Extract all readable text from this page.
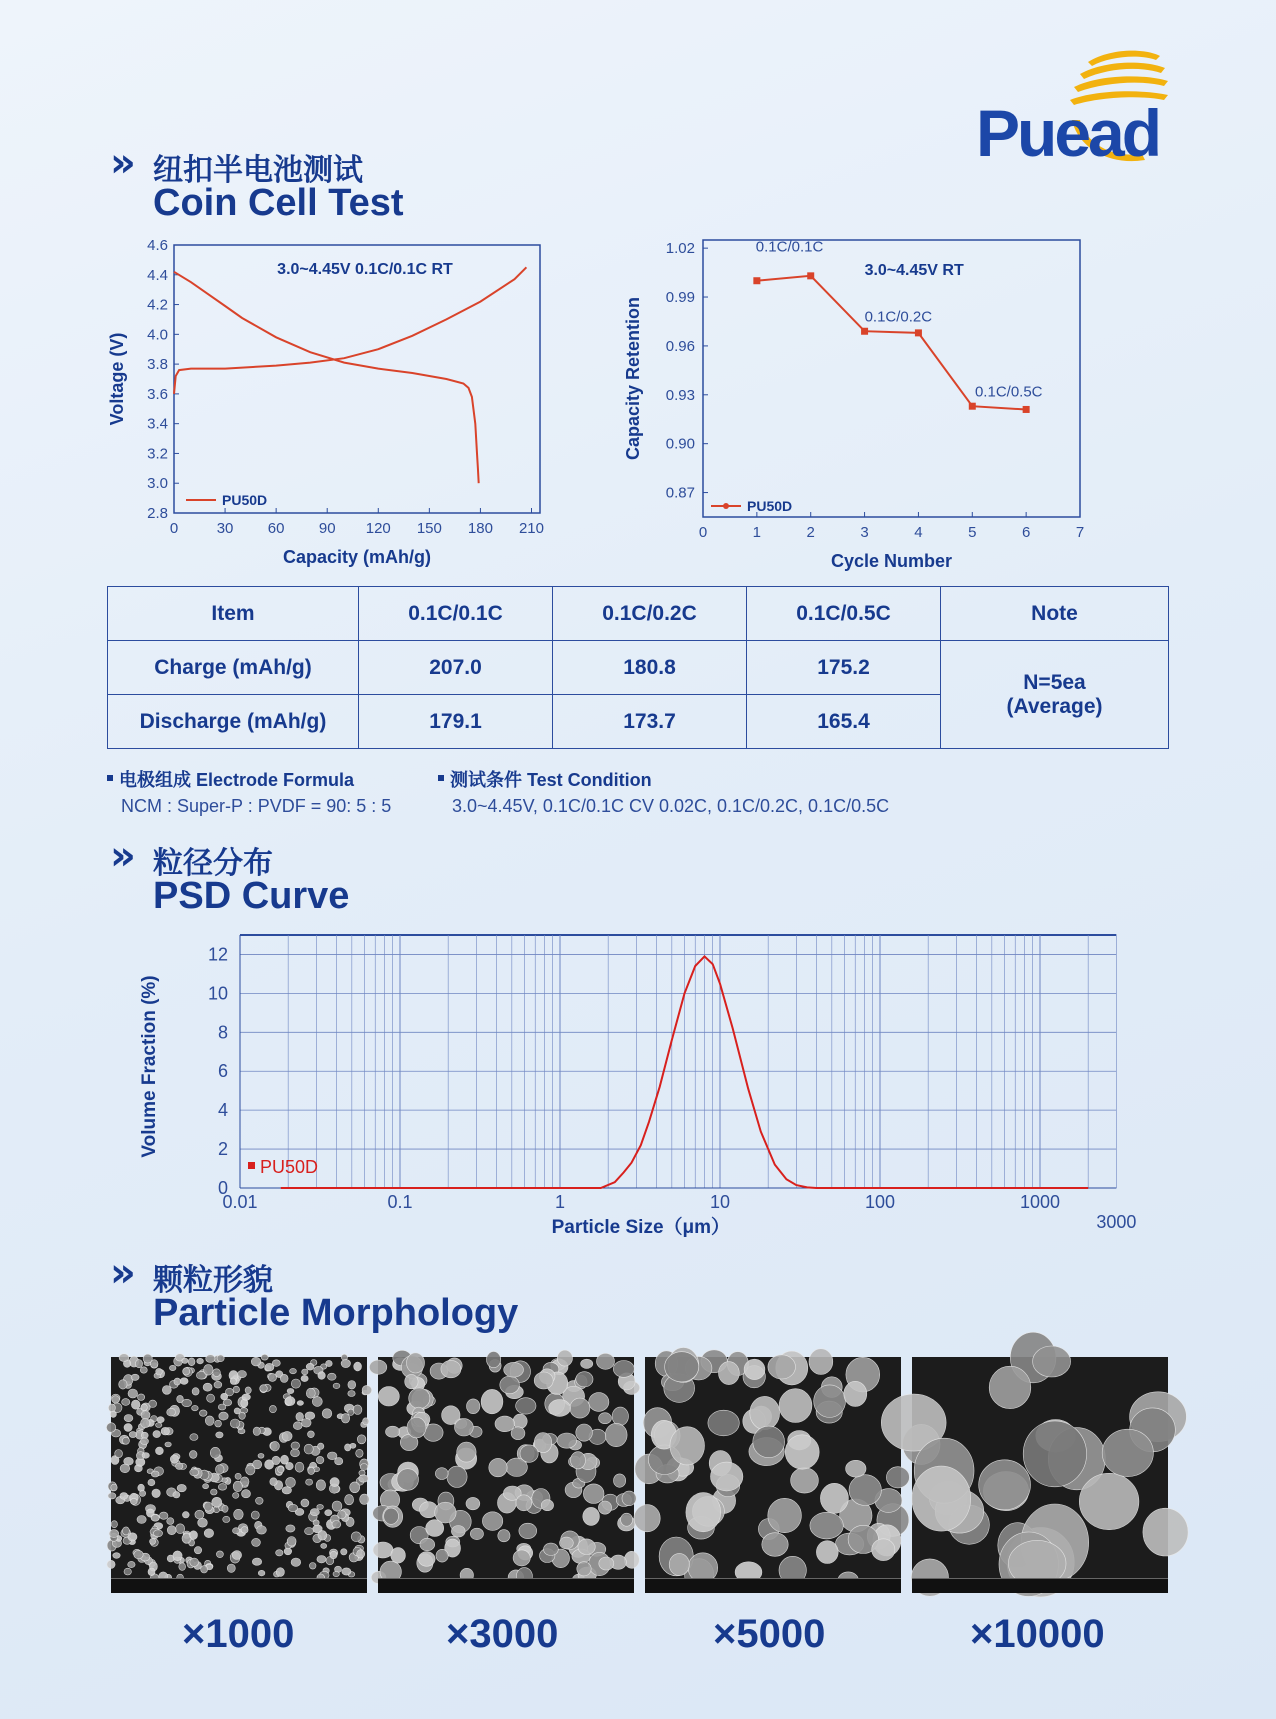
Puead
» 纽扣半电池测试
Coin Cell Test
0	30 60 90 120 150 180 210
2.8
3.0
3.2
3.4
3.6
3.8
4.0
4.2
4.4
4.6
Capacity (mAh/g)
Voltage (V)
3.0~4.45V 0.1C/0.1C RT
PU50D
0	1	2	3	4	5	6	7
0.87
0.90
0.93
0.96
0.99
1.02
Cycle Number
Capacity Retention
3.0~4.45V RT
0.1C/0.1C
0.1C/0.2C
0.1C/0.5C
PU50D
Item	0.1C/0.1C	0.1C/0.2C	0.1C/0.5C	Note
Charge (mAh/g)	207.0	180.8	175.2	N=5ea
(Average)

Discharge (mAh/g)	179.1	173.7	165.4	
电极组成 Electrode Formula
NCM : Super-P : PVDF = 90: 5 : 5
测试条件 Test Condition
3.0~4.45V, 0.1C/0.1C CV 0.02C, 0.1C/0.2C, 0.1C/0.5C
» 粒径分布
PSD Curve
0.01	0.1	1	10	100	1000
3000
0
2
4
6
8
10
12
Particle Size（μm）
Volume Fraction (%)
PU50D
» 颗粒形貌
Particle Morphology
×1000	×3000	×5000	×10000
